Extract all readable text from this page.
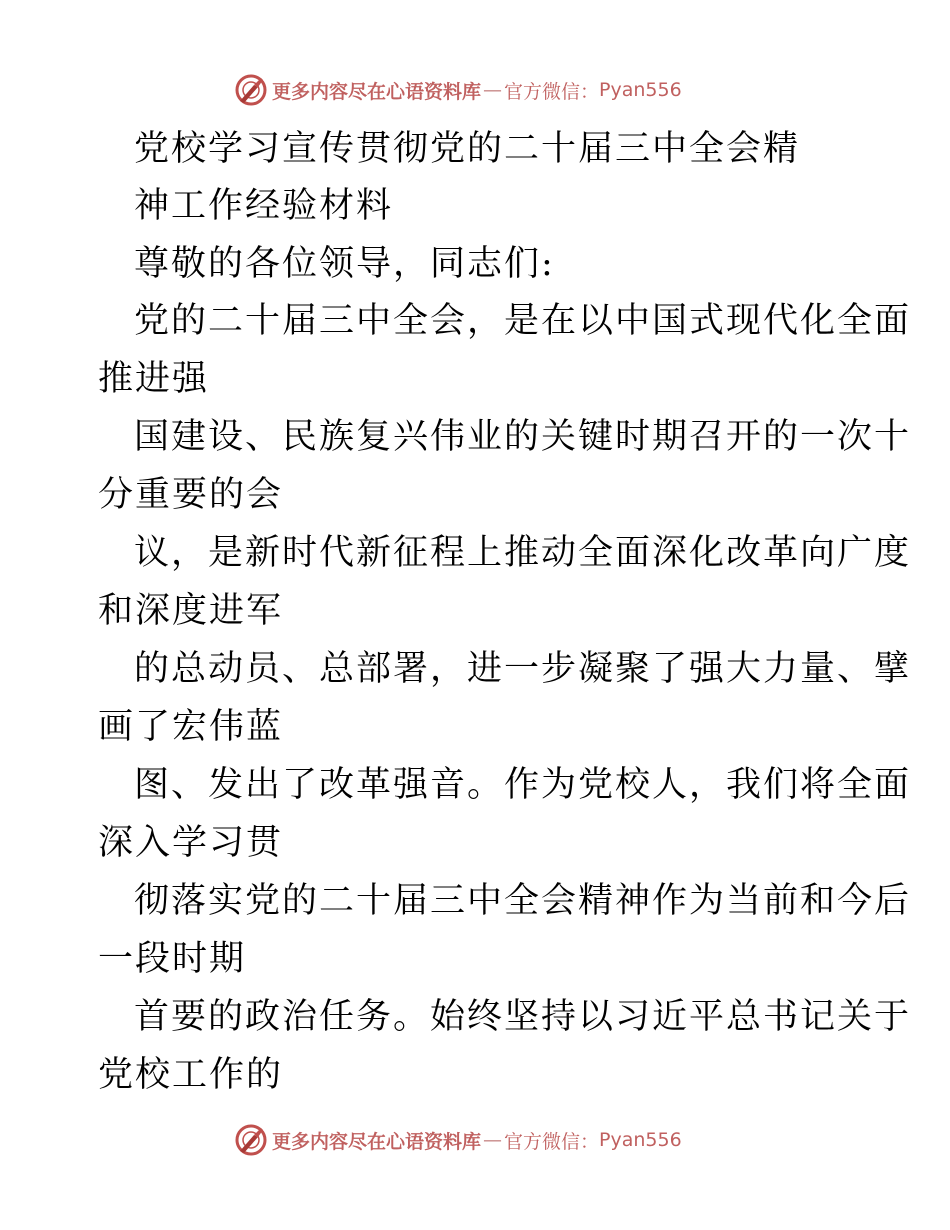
更多内容尽在心语资料库 — 官方微信： Pyan556
党校学习宣传贯彻党的二十届三中全会精
神工作经验材料
尊敬的各位领导，同志们:
党的二十届三中全会，是在以中国式现代化全面
推进强
国建设、民族复兴伟业的关键时期召开的一次十
分重要的会
议，是新时代新征程上推动全面深化改革向广度
和深度进军
的总动员、总部署，进一步凝聚了强大力量、擘
画了宏伟蓝
图、发出了改革强音。作为党校人，我们将全面
深入学习贯
彻落实党的二十届三中全会精神作为当前和今后
一段时期
首要的政治任务。始终坚持以习近平总书记关于
党校工作的
更多内容尽在心语资料库 — 官方微信： Pyan556
